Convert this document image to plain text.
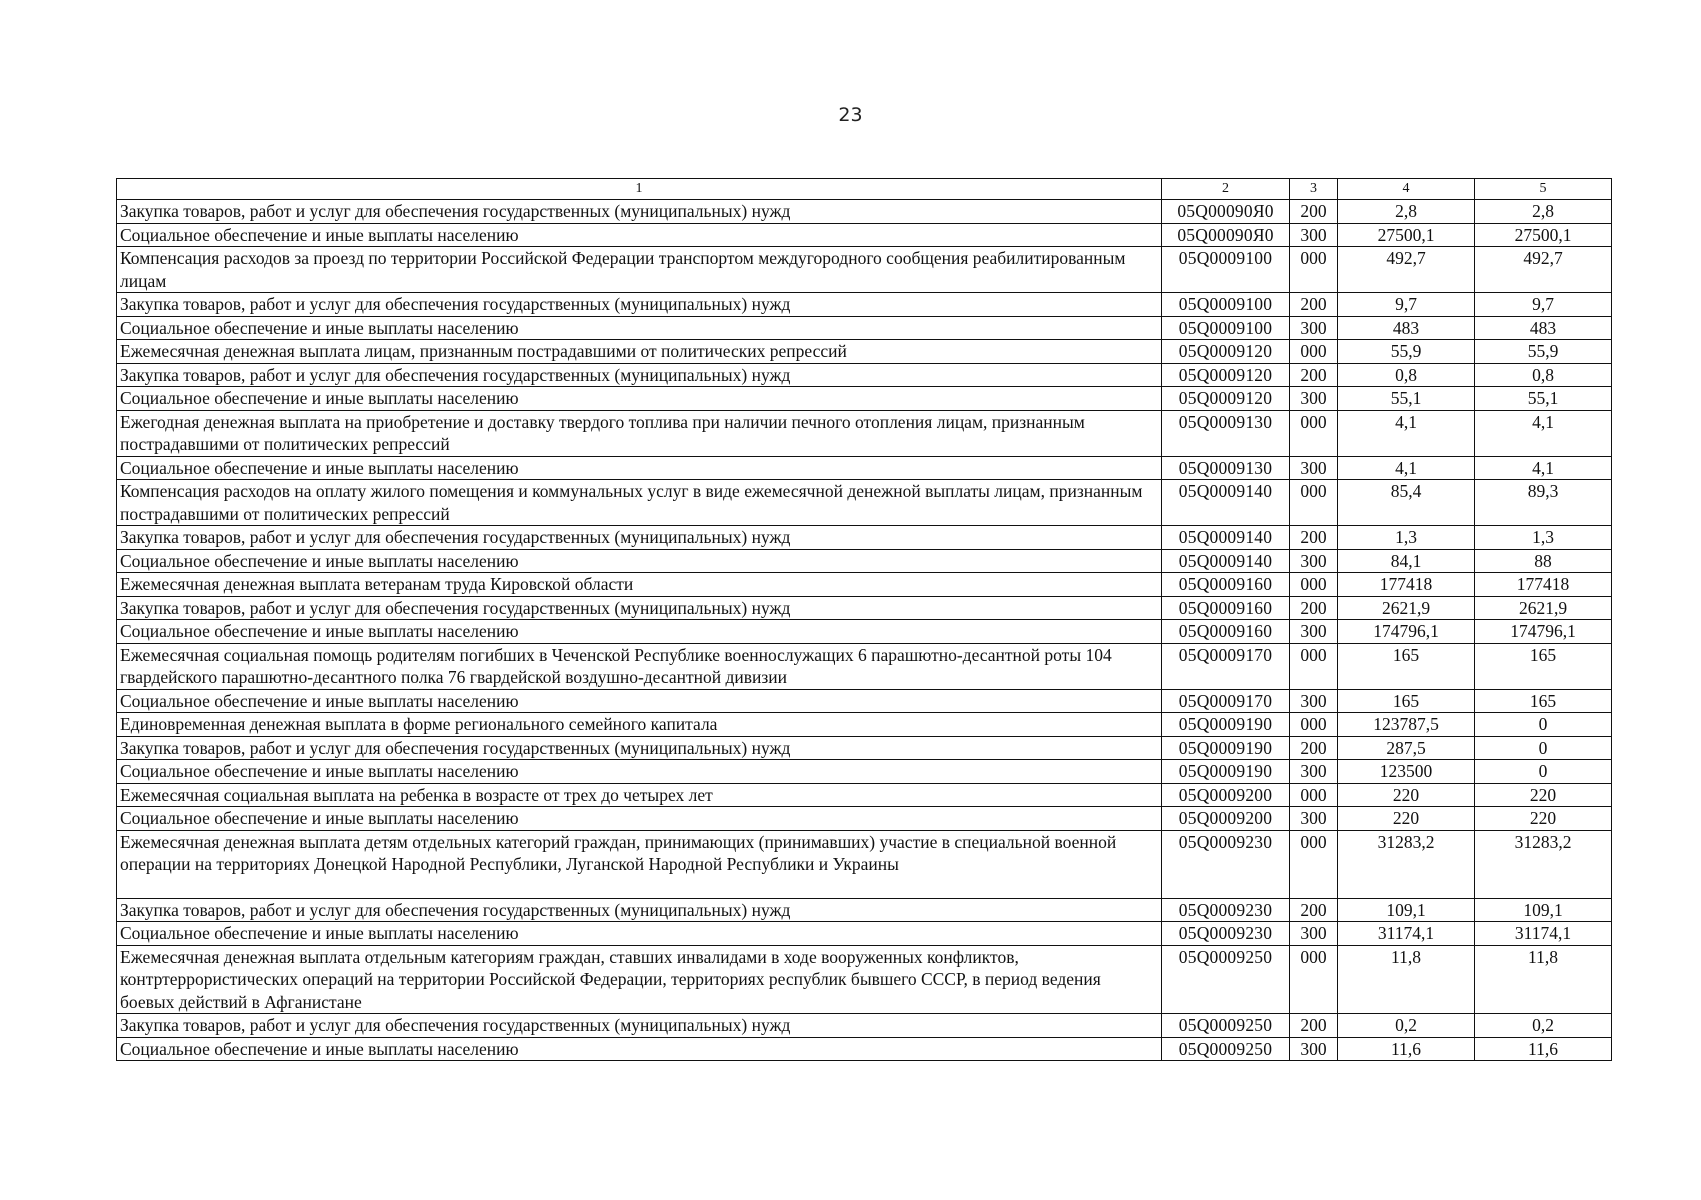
23
1	2	3	4	5
Закупка товаров, работ и услуг для обеспечения государственных (муниципальных) нужд	05Q00090Я0	200	2,8	2,8
Социальное обеспечение и иные выплаты населению	05Q00090Я0	300	27500,1	27500,1
Компенсация расходов за проезд по территории Российской Федерации транспортом междугородного сообщения реабилитированным лицам	05Q0009100	000	492,7	492,7
Закупка товаров, работ и услуг для обеспечения государственных (муниципальных) нужд	05Q0009100	200	9,7	9,7
Социальное обеспечение и иные выплаты населению	05Q0009100	300	483	483
Ежемесячная денежная выплата лицам, признанным пострадавшими от политических репрессий	05Q0009120	000	55,9	55,9
Закупка товаров, работ и услуг для обеспечения государственных (муниципальных) нужд	05Q0009120	200	0,8	0,8
Социальное обеспечение и иные выплаты населению	05Q0009120	300	55,1	55,1
Ежегодная денежная выплата на приобретение и доставку твердого топлива при наличии печного отопления лицам, признанным пострадавшими от политических репрессий	05Q0009130	000	4,1	4,1
Социальное обеспечение и иные выплаты населению	05Q0009130	300	4,1	4,1
Компенсация расходов на оплату жилого помещения и коммунальных услуг в виде ежемесячной денежной выплаты лицам, признанным пострадавшими от политических репрессий	05Q0009140	000	85,4	89,3
Закупка товаров, работ и услуг для обеспечения государственных (муниципальных) нужд	05Q0009140	200	1,3	1,3
Социальное обеспечение и иные выплаты населению	05Q0009140	300	84,1	88
Ежемесячная денежная выплата ветеранам труда Кировской области	05Q0009160	000	177418	177418
Закупка товаров, работ и услуг для обеспечения государственных (муниципальных) нужд	05Q0009160	200	2621,9	2621,9
Социальное обеспечение и иные выплаты населению	05Q0009160	300	174796,1	174796,1
Ежемесячная социальная помощь родителям погибших в Чеченской Республике военнослужащих 6 парашютно-десантной роты 104 гвардейского парашютно-десантного полка 76 гвардейской воздушно-десантной дивизии	05Q0009170	000	165	165
Социальное обеспечение и иные выплаты населению	05Q0009170	300	165	165
Единовременная денежная выплата в форме регионального семейного капитала	05Q0009190	000	123787,5	0
Закупка товаров, работ и услуг для обеспечения государственных (муниципальных) нужд	05Q0009190	200	287,5	0
Социальное обеспечение и иные выплаты населению	05Q0009190	300	123500	0
Ежемесячная социальная выплата на ребенка в возрасте от трех до четырех лет	05Q0009200	000	220	220
Социальное обеспечение и иные выплаты населению	05Q0009200	300	220	220
Ежемесячная денежная выплата детям отдельных категорий граждан, принимающих (принимавших) участие в специальной военной операции на территориях Донецкой Народной Республики, Луганской Народной Республики и Украины	05Q0009230	000	31283,2	31283,2
Закупка товаров, работ и услуг для обеспечения государственных (муниципальных) нужд	05Q0009230	200	109,1	109,1
Социальное обеспечение и иные выплаты населению	05Q0009230	300	31174,1	31174,1
Ежемесячная денежная выплата отдельным категориям граждан, ставших инвалидами в ходе вооруженных конфликтов, контртеррористических операций на территории Российской Федерации, территориях республик бывшего СССР, в период ведения боевых действий в Афганистане	05Q0009250	000	11,8	11,8
Закупка товаров, работ и услуг для обеспечения государственных (муниципальных) нужд	05Q0009250	200	0,2	0,2
Социальное обеспечение и иные выплаты населению	05Q0009250	300	11,6	11,6
